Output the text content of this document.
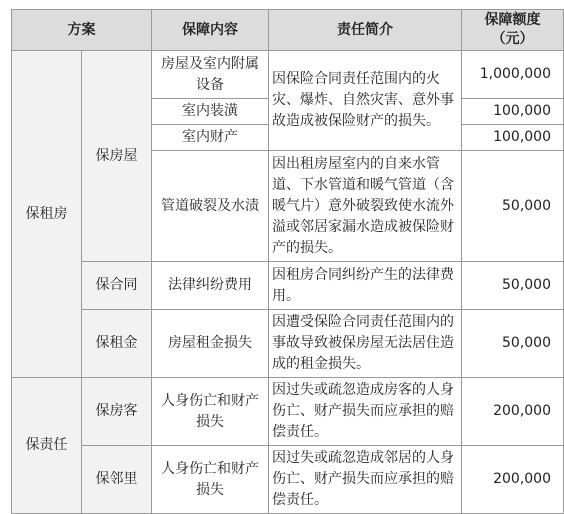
方案		保障内容	责任简介	保障额度
（元）
保租房	保房屋	房屋及室内附属设备	因保险合同责任范围内的火灾、爆炸、自然灾害、意外事故造成被保险财产的损失。	1,000,000
		室内装潢		100,000
		室内财产		100,000
		管道破裂及水渍	因出租房屋室内的自来水管道、下水管道和暖气管道（含暖气片）意外破裂致使水流外溢或邻居家漏水造成被保险财产的损失。	50,000
	保合同	法律纠纷费用	因租房合同纠纷产生的法律费用。	50,000
	保租金	房屋租金损失	因遭受保险合同责任范围内的事故导致被保房屋无法居住造成的租金损失。	50,000
保责任	保房客	人身伤亡和财产损失	因过失或疏忽造成房客的人身伤亡、财产损失而应承担的赔偿责任。	200,000
	保邻里	人身伤亡和财产损失	因过失或疏忽造成邻居的人身伤亡、财产损失而应承担的赔偿责任。	200,000
